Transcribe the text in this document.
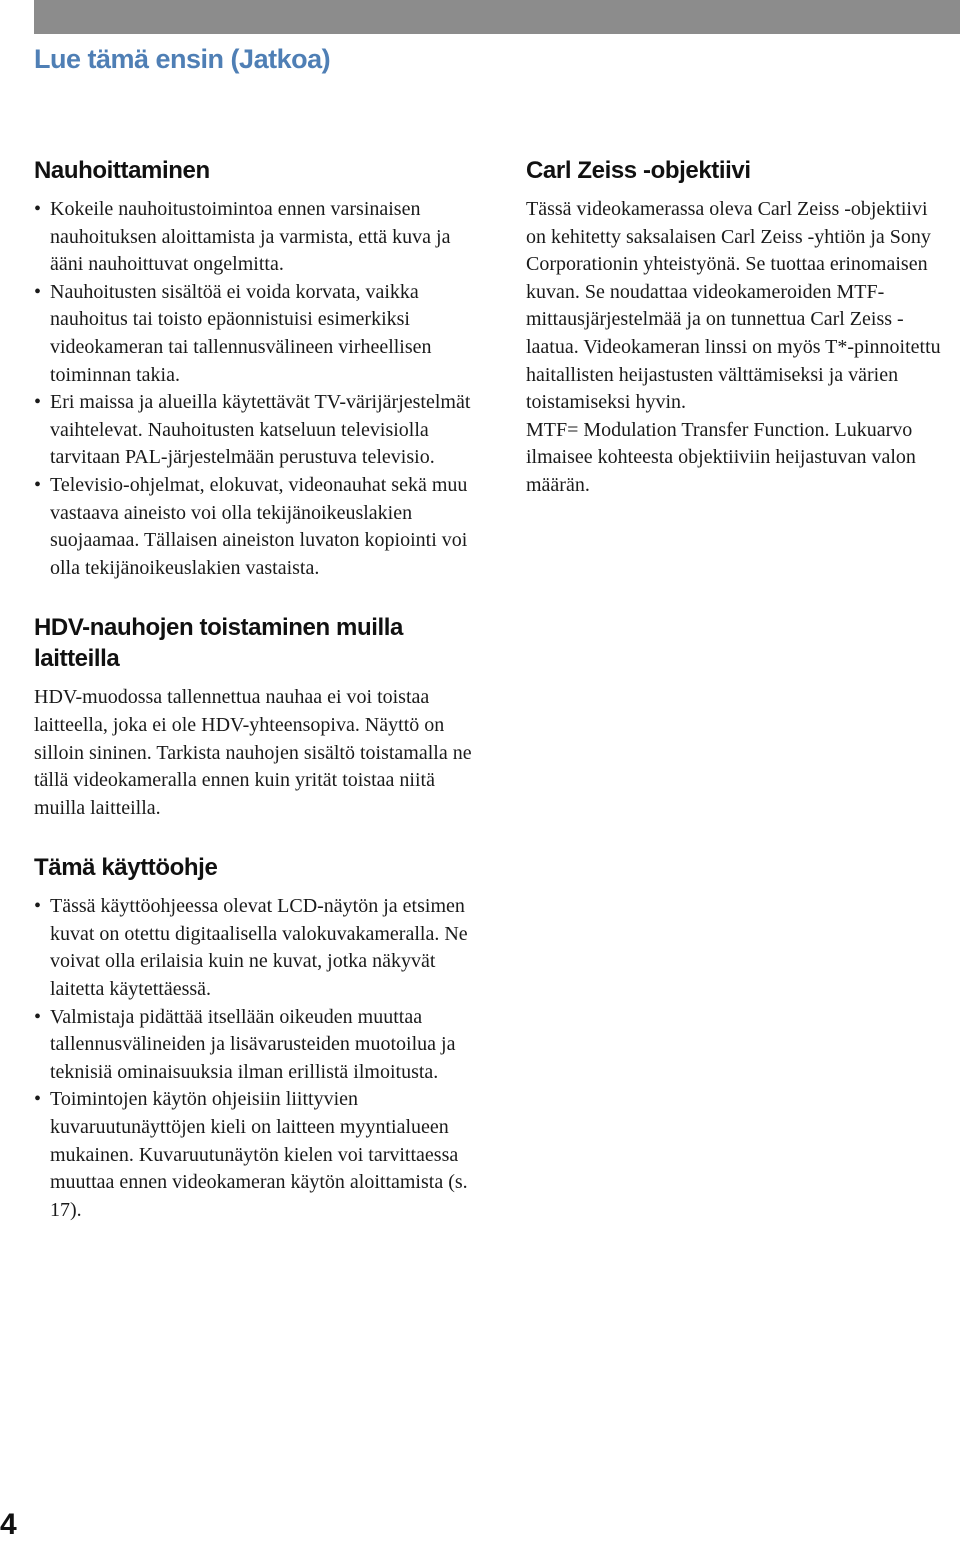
Lue tämä ensin (Jatkoa)
Nauhoittaminen
• Kokeile nauhoitustoimintoa ennen varsinaisen nauhoituksen aloittamista ja varmista, että kuva ja ääni nauhoittuvat ongelmitta.
• Nauhoitusten sisältöä ei voida korvata, vaikka nauhoitus tai toisto epäonnistuisi esimerkiksi videokameran tai tallennusvälineen virheellisen toiminnan takia.
• Eri maissa ja alueilla käytettävät TV-värijärjestelmät vaihtelevat. Nauhoitusten katseluun televisiolla tarvitaan PAL-järjestelmään perustuva televisio.
• Televisio-ohjelmat, elokuvat, videonauhat sekä muu vastaava aineisto voi olla tekijänoikeuslakien suojaamaa. Tällaisen aineiston luvaton kopiointi voi olla tekijänoikeuslakien vastaista.
HDV-nauhojen toistaminen muilla
laitteilla

HDV-muodossa tallennettua nauhaa ei voi toistaa laitteella, joka ei ole HDV-yhteensopiva. Näyttö on silloin sininen. Tarkista nauhojen sisältö toistamalla ne tällä videokameralla ennen kuin yrität toistaa niitä muilla laitteilla.

Tämä käyttöohje
• Tässä käyttöohjeessa olevat LCD-näytön ja etsimen kuvat on otettu digitaalisella valokuvakameralla. Ne voivat olla erilaisia kuin ne kuvat, jotka näkyvät laitetta käytettäessä.
• Valmistaja pidättää itsellään oikeuden muuttaa tallennusvälineiden ja lisävarusteiden muotoilua ja teknisiä ominaisuuksia ilman erillistä ilmoitusta.
• Toimintojen käytön ohjeisiin liittyvien kuvaruutunäyttöjen kieli on laitteen myyntialueen mukainen. Kuvaruutunäytön kielen voi tarvittaessa muuttaa ennen videokameran käytön aloittamista (s. 17).
Carl Zeiss -objektiivi

Tässä videokamerassa oleva Carl Zeiss -objektiivi on kehitetty saksalaisen Carl Zeiss -yhtiön ja Sony Corporationin yhteistyönä. Se tuottaa erinomaisen kuvan. Se noudattaa videokameroiden MTF-mittausjärjestelmää ja on tunnettua Carl Zeiss -laatua. Videokameran linssi on myös T*-pinnoitettu haitallisten heijastusten välttämiseksi ja värien toistamiseksi hyvin.

MTF= Modulation Transfer Function. Lukuarvo ilmaisee kohteesta objektiiviin heijastuvan valon määrän.

4
